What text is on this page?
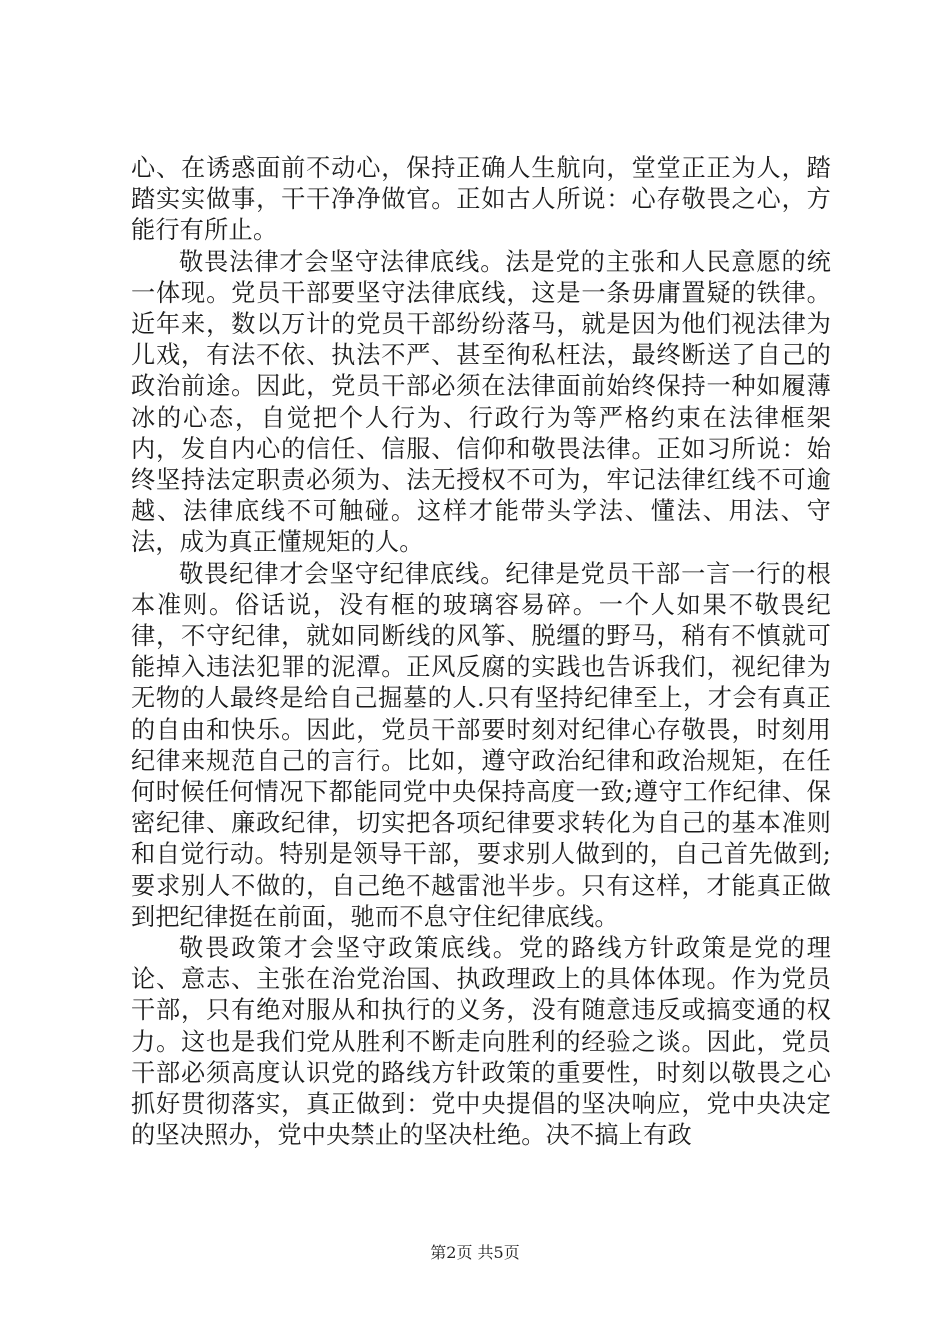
心、在诱惑面前不动心，保持正确人生航向，堂堂正正为人，踏踏实实做事，干干净净做官。正如古人所说：心存敬畏之心，方能行有所止。

敬畏法律才会坚守法律底线。法是党的主张和人民意愿的统一体现。党员干部要坚守法律底线，这是一条毋庸置疑的铁律。近年来，数以万计的党员干部纷纷落马，就是因为他们视法律为儿戏，有法不依、执法不严、甚至徇私枉法，最终断送了自己的政治前途。因此，党员干部必须在法律面前始终保持一种如履薄冰的心态，自觉把个人行为、行政行为等严格约束在法律框架内，发自内心的信任、信服、信仰和敬畏法律。正如习所说：始终坚持法定职责必须为、法无授权不可为，牢记法律红线不可逾越、法律底线不可触碰。这样才能带头学法、懂法、用法、守法，成为真正懂规矩的人。

敬畏纪律才会坚守纪律底线。纪律是党员干部一言一行的根本准则。俗话说，没有框的玻璃容易碎。一个人如果不敬畏纪律，不守纪律，就如同断线的风筝、脱缰的野马，稍有不慎就可能掉入违法犯罪的泥潭。正风反腐的实践也告诉我们，视纪律为无物的人最终是给自己掘墓的人.只有坚持纪律至上，才会有真正的自由和快乐。因此，党员干部要时刻对纪律心存敬畏，时刻用纪律来规范自己的言行。比如，遵守政治纪律和政治规矩，在任何时候任何情况下都能同党中央保持高度一致;遵守工作纪律、保密纪律、廉政纪律，切实把各项纪律要求转化为自己的基本准则和自觉行动。特别是领导干部，要求别人做到的，自己首先做到;要求别人不做的，自己绝不越雷池半步。只有这样，才能真正做到把纪律挺在前面，驰而不息守住纪律底线。

敬畏政策才会坚守政策底线。党的路线方针政策是党的理论、意志、主张在治党治国、执政理政上的具体体现。作为党员干部，只有绝对服从和执行的义务，没有随意违反或搞变通的权力。这也是我们党从胜利不断走向胜利的经验之谈。因此，党员干部必须高度认识党的路线方针政策的重要性，时刻以敬畏之心抓好贯彻落实，真正做到：党中央提倡的坚决响应，党中央决定的坚决照办，党中央禁止的坚决杜绝。决不搞上有政

第2页 共5页
